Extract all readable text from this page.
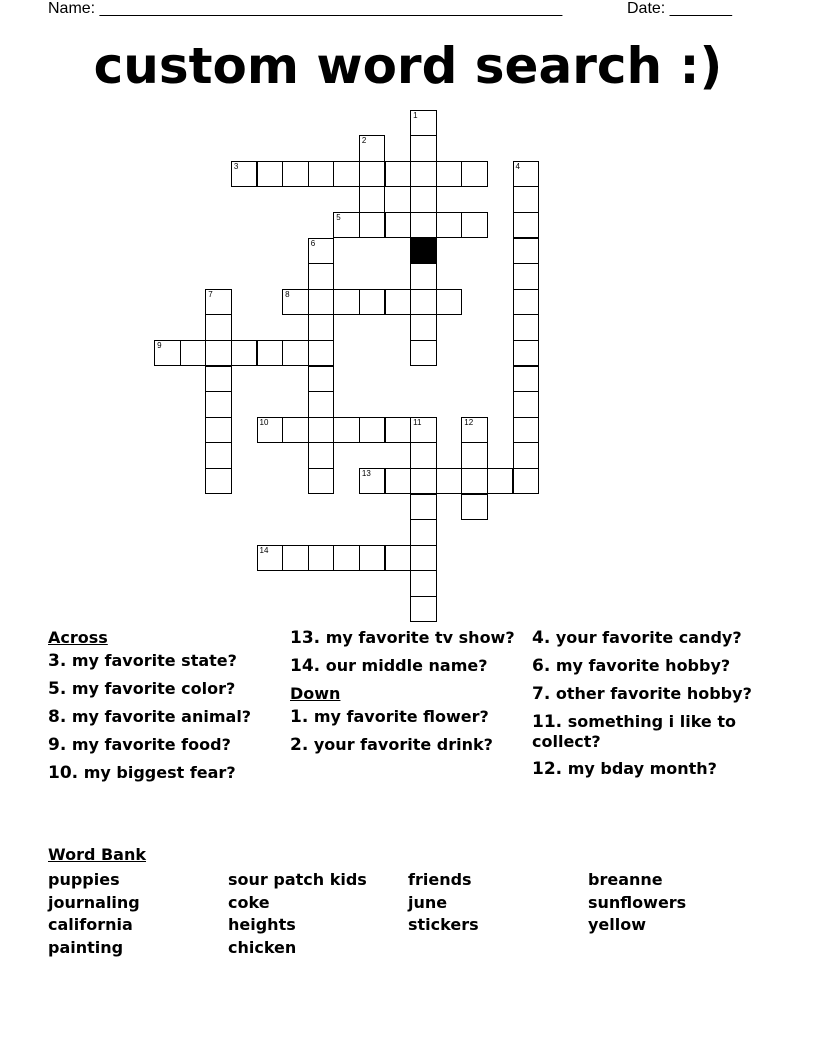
Name: ____________________________________________________	Date: _______
custom word search :)
1
2
3	4
5
6
7	8
9
10	11	12
13
14
Across
3. my favorite state?
5. my favorite color?
8. my favorite animal?
9. my favorite food?
10. my biggest fear?
13. my favorite tv show?
14. our middle name?
Down
1. my favorite flower?
2. your favorite drink?
4. your favorite candy?
6. my favorite hobby?
7. other favorite hobby?
11. something i like to collect?
12. my bday month?
Word Bank
puppies
journaling
california
painting
sour patch kids
coke
heights
chicken
friends
june
stickers
breanne
sunflowers
yellow
